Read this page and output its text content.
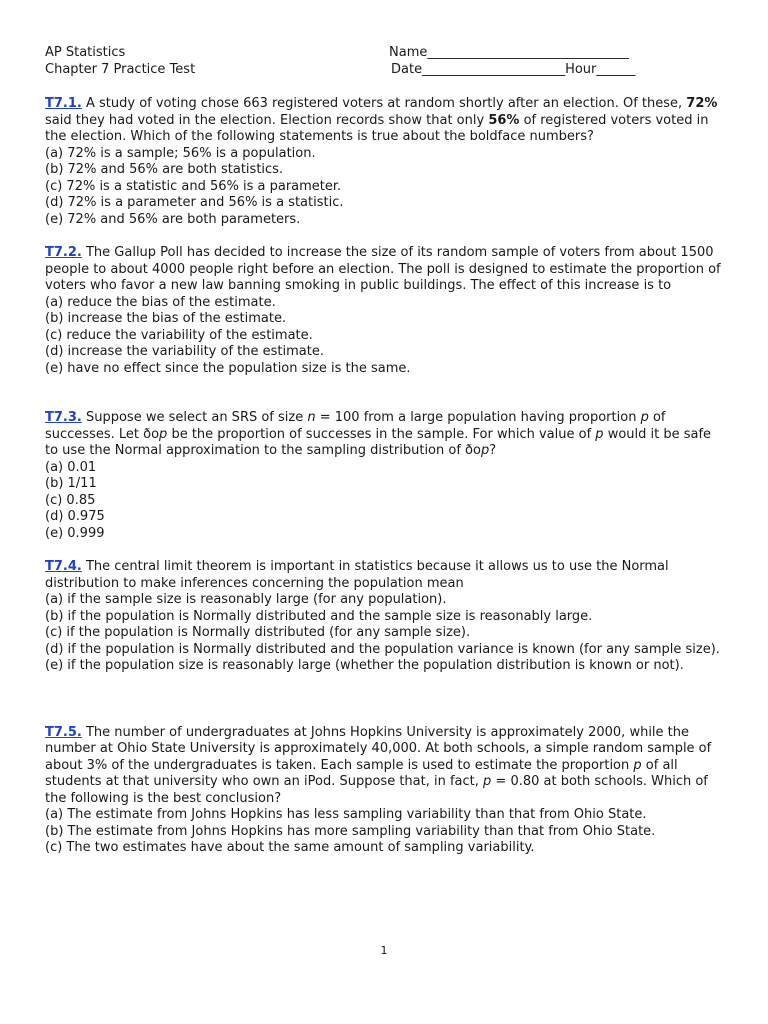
AP Statistics
Chapter 7 Practice Test
Name_______________________________
Date______________________Hour______

T7.1. A study of voting chose 663 registered voters at random shortly after an election. Of these, 72% said they had voted in the election. Election records show that only 56% of registered voters voted in the election. Which of the following statements is true about the boldface numbers?

(a) 72% is a sample; 56% is a population.

(b) 72% and 56% are both statistics.

(c) 72% is a statistic and 56% is a parameter.

(d) 72% is a parameter and 56% is a statistic.

(e) 72% and 56% are both parameters.

T7.2. The Gallup Poll has decided to increase the size of its random sample of voters from about 1500 people to about 4000 people right before an election. The poll is designed to estimate the proportion of voters who favor a new law banning smoking in public buildings. The effect of this increase is to

(a) reduce the bias of the estimate.

(b) increase the bias of the estimate.

(c) reduce the variability of the estimate.

(d) increase the variability of the estimate.

(e) have no effect since the population size is the same.

T7.3. Suppose we select an SRS of size n = 100 from a large population having proportion p of successes. Let ðop be the proportion of successes in the sample. For which value of p would it be safe to use the Normal approximation to the sampling distribution of ðop?

(a) 0.01

(b) 1/11

(c) 0.85

(d) 0.975

(e) 0.999

T7.4. The central limit theorem is important in statistics because it allows us to use the Normal distribution to make inferences concerning the population mean

(a) if the sample size is reasonably large (for any population).

(b) if the population is Normally distributed and the sample size is reasonably large.

(c) if the population is Normally distributed (for any sample size).

(d) if the population is Normally distributed and the population variance is known (for any sample size).

(e) if the population size is reasonably large (whether the population distribution is known or not).

T7.5. The number of undergraduates at Johns Hopkins University is approximately 2000, while the number at Ohio State University is approximately 40,000. At both schools, a simple random sample of about 3% of the undergraduates is taken. Each sample is used to estimate the proportion p of all students at that university who own an iPod. Suppose that, in fact, p = 0.80 at both schools. Which of the following is the best conclusion?

(a) The estimate from Johns Hopkins has less sampling variability than that from Ohio State.

(b) The estimate from Johns Hopkins has more sampling variability than that from Ohio State.

(c) The two estimates have about the same amount of sampling variability.

1
